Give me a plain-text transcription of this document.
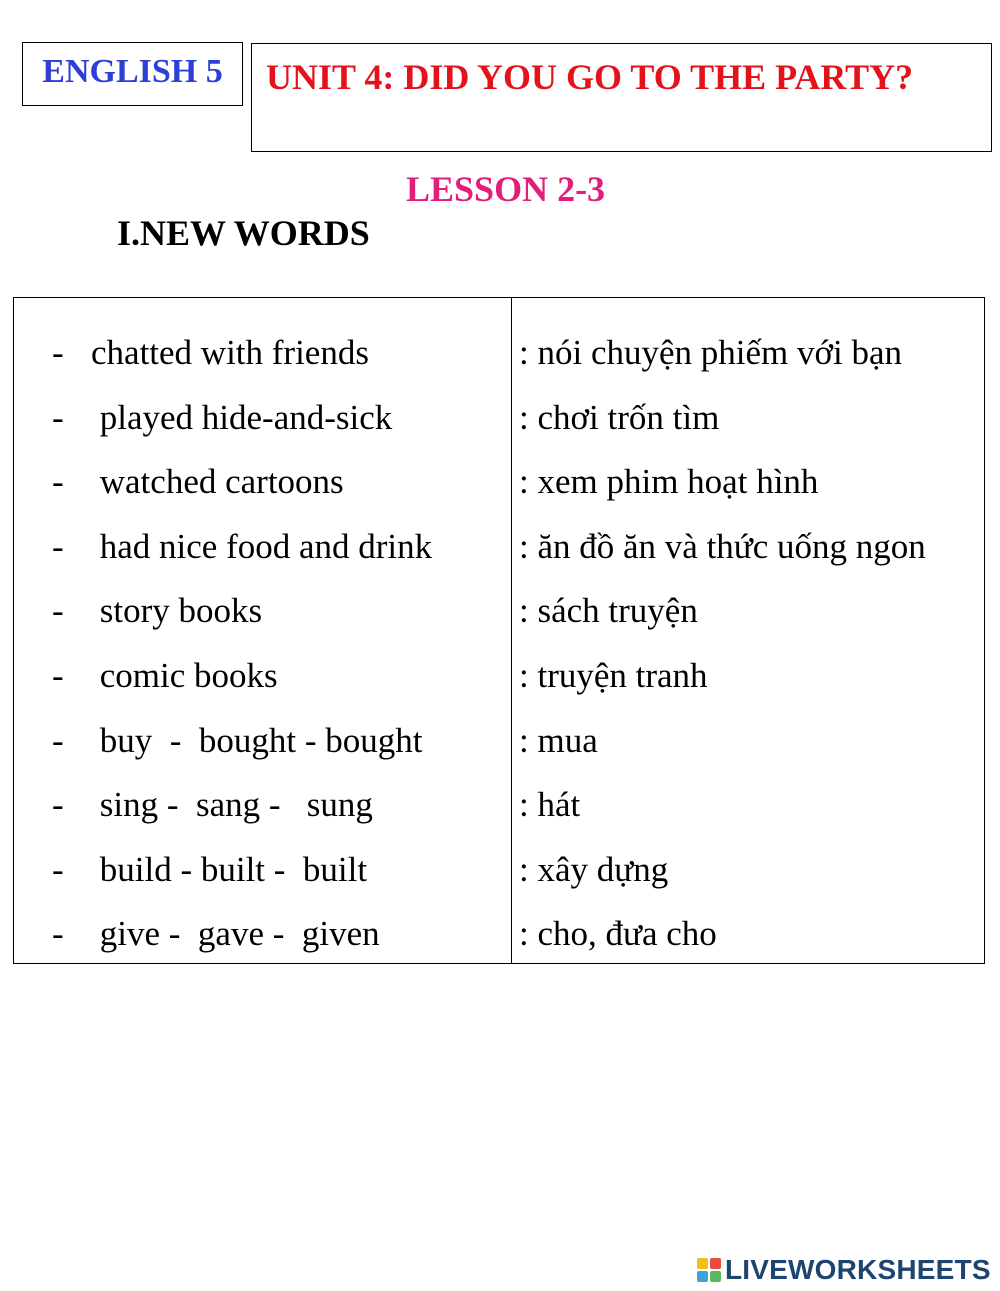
ENGLISH 5	UNIT 4: DID YOU GO TO THE PARTY?
LESSON 2-3
I.NEW WORDS
- chatted with friends	: nói chuyện phiếm với bạn
- played hide-and-sick	: chơi trốn tìm
- watched cartoons	: xem phim hoạt hình
- had nice food and drink : ăn đồ ăn và thức uống ngon
- story books	: sách truyện
- comic books	: truyện tranh
- buy  -  bought - bought	: mua
- sing -  sang -   sung	: hát
- build - built -  built	: xây dựng
- give -  gave -  given	: cho, đưa cho
LIVEWORKSHEETS
